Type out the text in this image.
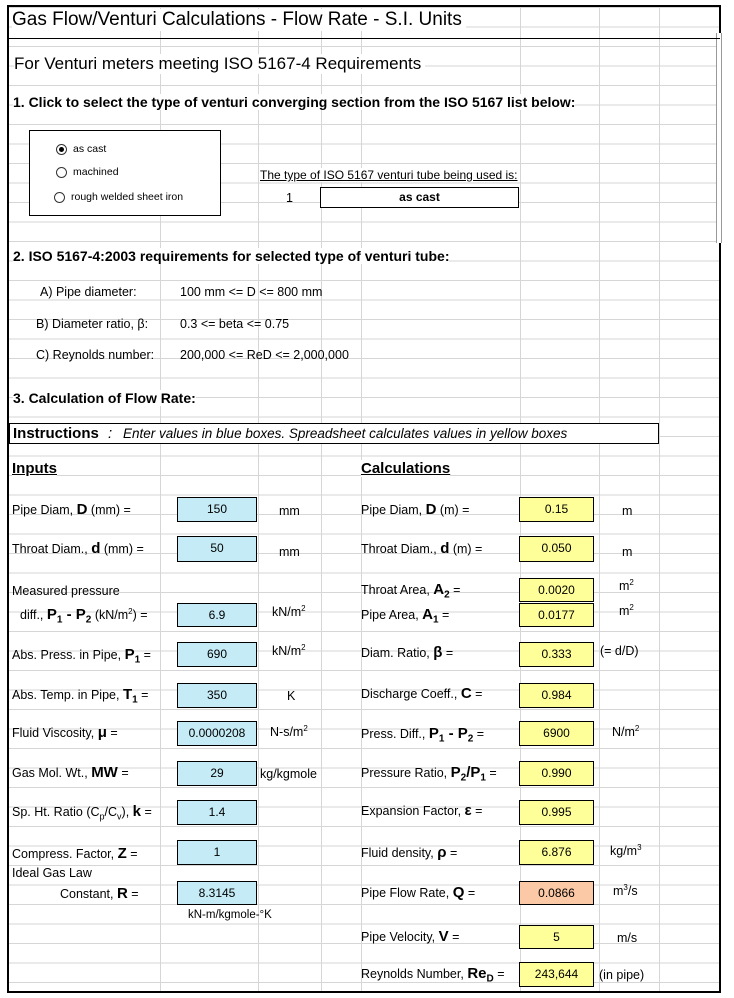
Gas Flow/Venturi Calculations - Flow Rate - S.I. Units
For Venturi meters meeting ISO 5167-4 Requirements
1. Click to select the type of venturi converging section from the ISO 5167 list below:
as cast
machined
rough welded sheet iron
The type of ISO 5167 venturi tube being used is:
1	as cast
2. ISO 5167-4:2003 requirements for selected type of venturi tube:
A) Pipe diameter:	100 mm <= D <= 800 mm
B) Diameter ratio, β:	0.3 <= beta <= 0.75
C) Reynolds number: 200,000 <= ReD <= 2,000,000
3. Calculation of Flow Rate:
Instructions : Enter values in blue boxes. Spreadsheet calculates values in yellow boxes
Inputs	Calculations
Pipe Diam, D (mm) =	150	mm
Throat Diam., d (mm) =	50	mm
Measured pressure
diff., $P_1 - P_2$ $(kN/m^2)$ =	6.9	$kN/m^2$
Abs. Press. in Pipe, $P_1$ =	690	$kN/m^2$
Abs. Temp. in Pipe, $T_1$ =	350	K
Fluid Viscosity, μ =	0.0000208	$N-s/m^2$
Gas Mol. Wt., MW =	29	kg/kgmole
Sp. Ht. Ratio $(C_p/C_v)$, k =	1.4
Compress. Factor, Z =	1
Ideal Gas Law
Constant, R =	8.3145
kN-m/kgmole-°K
Pipe Diam, D (m) =	0.15	m
Throat Diam., d (m) =	0.050	m
Throat Area, $A_2$ =	0.0020	$m^2$
Pipe Area, $A_1$ =	0.0177	$m^2$
Diam. Ratio, β =	0.333	(= d/D)
Discharge Coeff., C =	0.984
Press. Diff., $P_1 - P_2$ =	6900	$N/m^2$
Pressure Ratio, $P_2/P_1$ =	0.990
Expansion Factor, ε =	0.995
Fluid density, ρ =	6.876	$kg/m^3$
Pipe Flow Rate, Q =	0.0866	$m^3/s$
Pipe Velocity, V =	5	m/s
Reynolds Number, $Re_D$ =	243,644	(in pipe)
